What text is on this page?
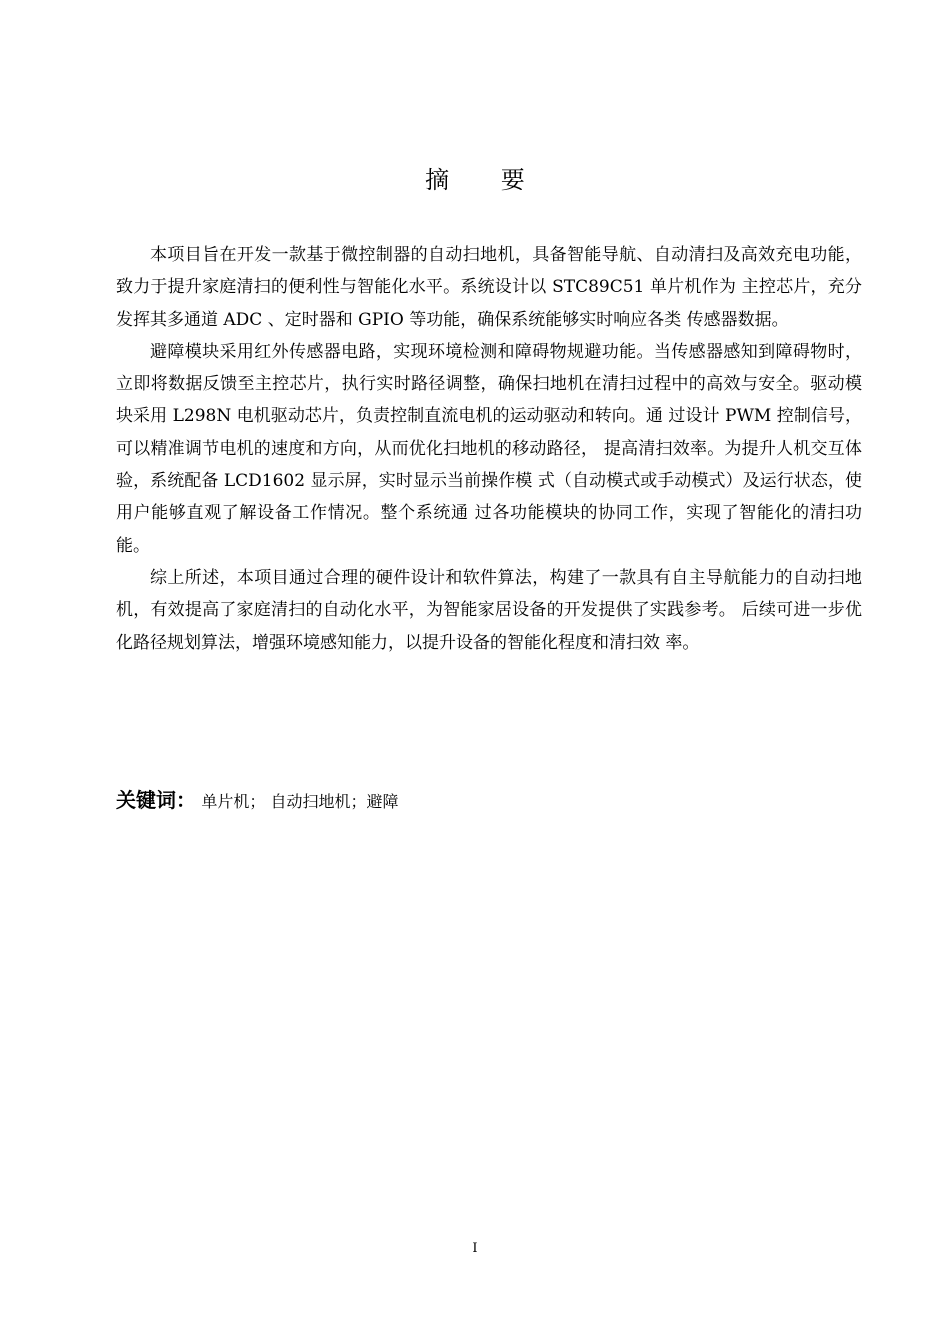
摘 要

本项目旨在开发一款基于微控制器的自动扫地机，具备智能导航、自动清扫及高效充电功能，致力于提升家庭清扫的便利性与智能化水平。系统设计以 STC89C51 单片机作为 主控芯片，充分发挥其多通道 ADC 、定时器和 GPIO 等功能，确保系统能够实时响应各类 传感器数据。

避障模块采用红外传感器电路，实现环境检测和障碍物规避功能。当传感器感知到障碍物时，立即将数据反馈至主控芯片，执行实时路径调整，确保扫地机在清扫过程中的高效与安全。驱动模块采用 L298N 电机驱动芯片，负责控制直流电机的运动驱动和转向。通 过设计 PWM 控制信号，可以精准调节电机的速度和方向，从而优化扫地机的移动路径， 提高清扫效率。为提升人机交互体验，系统配备 LCD1602 显示屏，实时显示当前操作模 式（自动模式或手动模式）及运行状态，使用户能够直观了解设备工作情况。整个系统通 过各功能模块的协同工作，实现了智能化的清扫功能。

综上所述，本项目通过合理的硬件设计和软件算法，构建了一款具有自主导航能力的自动扫地机，有效提高了家庭清扫的自动化水平，为智能家居设备的开发提供了实践参考。 后续可进一步优化路径规划算法，增强环境感知能力，以提升设备的智能化程度和清扫效 率。

关键词： 单片机； 自动扫地机；避障
I
